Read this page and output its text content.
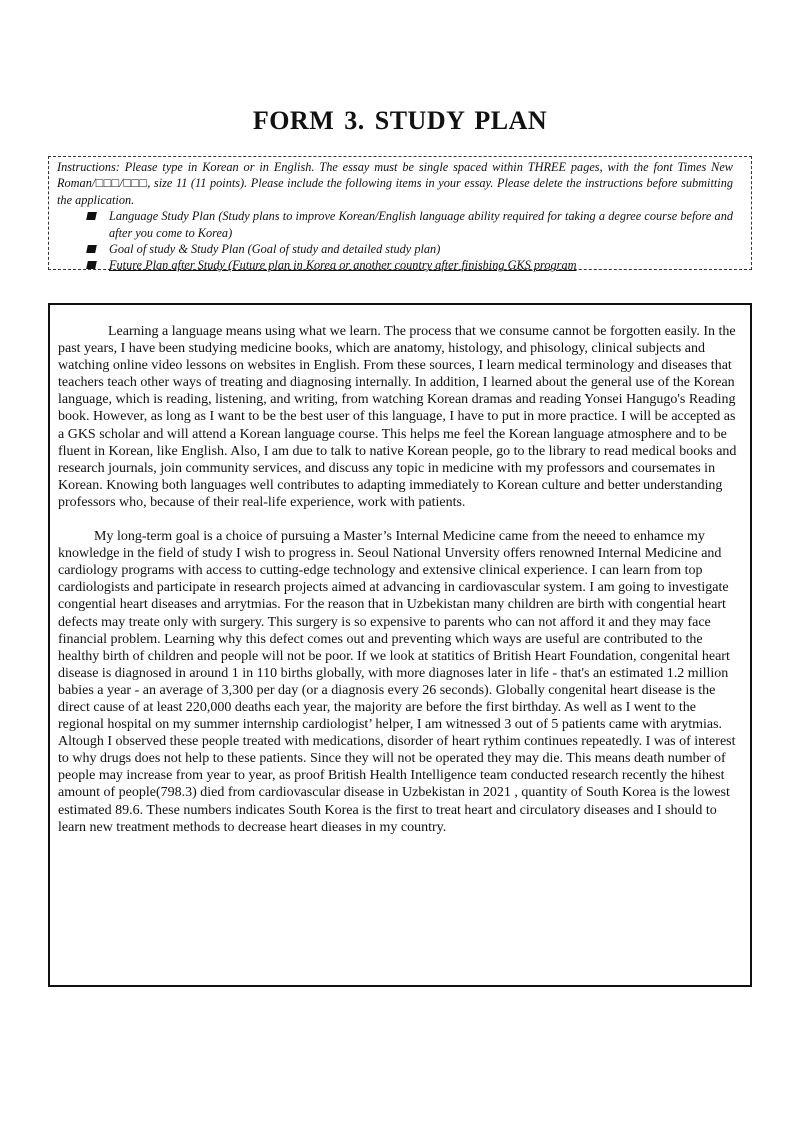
FORM 3. STUDY PLAN

Instructions: Please type in Korean or in English. The essay must be single spaced within THREE pages, with the font Times New Roman/□□□/□□□, size 11 (11 points). Please include the following items in your essay. Please delete the instructions before submitting the application.

Language Study Plan (Study plans to improve Korean/English language ability required for taking a degree course before and after you come to Korea)
Goal of study & Study Plan (Goal of study and detailed study plan)
Future Plan after Study (Future plan in Korea or another country after finishing GKS program

Learning a language means using what we learn. The process that we consume cannot be forgotten easily. In the past years, I have been studying medicine books, which are anatomy, histology, and phisology, clinical subjects and watching online video lessons on websites in English. From these sources, I learn medical terminology and diseases that teachers teach other ways of treating and diagnosing internally. In addition, I learned about the general use of the Korean language, which is reading, listening, and writing, from watching Korean dramas and reading Yonsei Hangugo's Reading book. However, as long as I want to be the best user of this language, I have to put in more practice. I will be accepted as a GKS scholar and will attend a Korean language course. This helps me feel the Korean language atmosphere and to be fluent in Korean, like English. Also, I am due to talk to native Korean people, go to the library to read medical books and research journals, join community services, and discuss any topic in medicine with my professors and coursemates in Korean. Knowing both languages well contributes to adapting immediately to Korean culture and better understanding professors who, because of their real-life experience, work with patients.

My long-term goal is a choice of pursuing a Master’s Internal Medicine came from the neeed to enhamce my knowledge in the field of study I wish to progress in. Seoul National Unversity offers renowned Internal Medicine and cardiology programs with access to cutting-edge technology and extensive clinical experience. I can learn from top cardiologists and participate in research projects aimed at advancing in cardiovascular system. I am going to investigate congential heart diseases and arrytmias. For the reason that in Uzbekistan many children are birth with congential heart defects may treate only with surgery. This surgery is so expensive to parents who can not afford it and they may face financial problem. Learning why this defect comes out and preventing which ways are useful are contributed to the healthy birth of children and people will not be poor. If we look at statitics of British Heart Foundation, congenital heart disease is diagnosed in around 1 in 110 births globally, with more diagnoses later in life - that's an estimated 1.2 million babies a year - an average of 3,300 per day (or a diagnosis every 26 seconds). Globally congenital heart disease is the direct cause of at least 220,000 deaths each year, the majority are before the first birthday. As well as I went to the regional hospital on my summer internship cardiologist’ helper, I am witnessed 3 out of 5 patients came with arytmias. Altough I observed these people treated with medications, disorder of heart rythim continues repeatedly. I was of interest to why drugs does not help to these patients. Since they will not be operated they may die. This means death number of people may increase from year to year, as proof British Health Intelligence team conducted research recently the hihest amount of people(798.3) died from cardiovascular disease in Uzbekistan in 2021 , quantity of South Korea is the lowest estimated 89.6. These numbers indicates South Korea is the first to treat heart and circulatory diseases and I should to learn new treatment methods to decrease heart dieases in my country.
